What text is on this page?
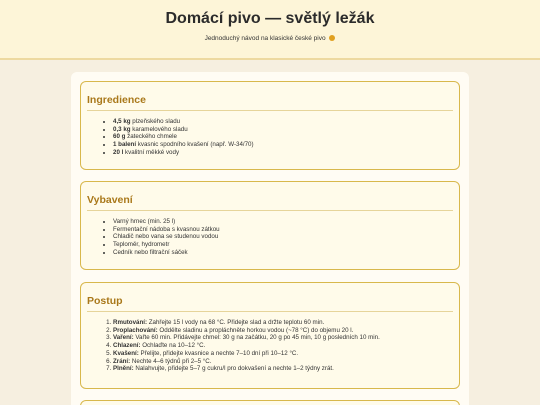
Domácí pivo — světlý ležák
Jednoduchý návod na klasické české pivo
Ingredience
• 4,5 kg plzeňského sladu
• 0,3 kg karamelového sladu
• 60 g žateckého chmele
• 1 balení kvasnic spodního kvašení (např. W-34/70)
• 20 l kvalitní měkké vody
Vybavení
• Varný hrnec (min. 25 l)
• Fermentační nádoba s kvasnou zátkou
• Chladič nebo vana se studenou vodou
• Teploměr, hydrometr
• Cedník nebo filtrační sáček
Postup
1. Rmutování: Zahřejte 15 l vody na 68 °C. Přidejte slad a držte teplotu 60 min.
2. Proplachování: Oddělte sladinu a propláchněte horkou vodou (~78 °C) do objemu 20 l.
3. Vaření: Vařte 60 min. Přidávejte chmel: 30 g na začátku, 20 g po 45 min, 10 g posledních 10 min.
4. Chlazení: Ochlaďte na 10–12 °C.
5. Kvašení: Přelijte, přidejte kvasnice a nechte 7–10 dní při 10–12 °C.
6. Zrání: Nechte 4–6 týdnů při 2–5 °C.
7. Plnění: Nalahvujte, přidejte 5–7 g cukru/l pro dokvašení a nechte 1–2 týdny zrát.
